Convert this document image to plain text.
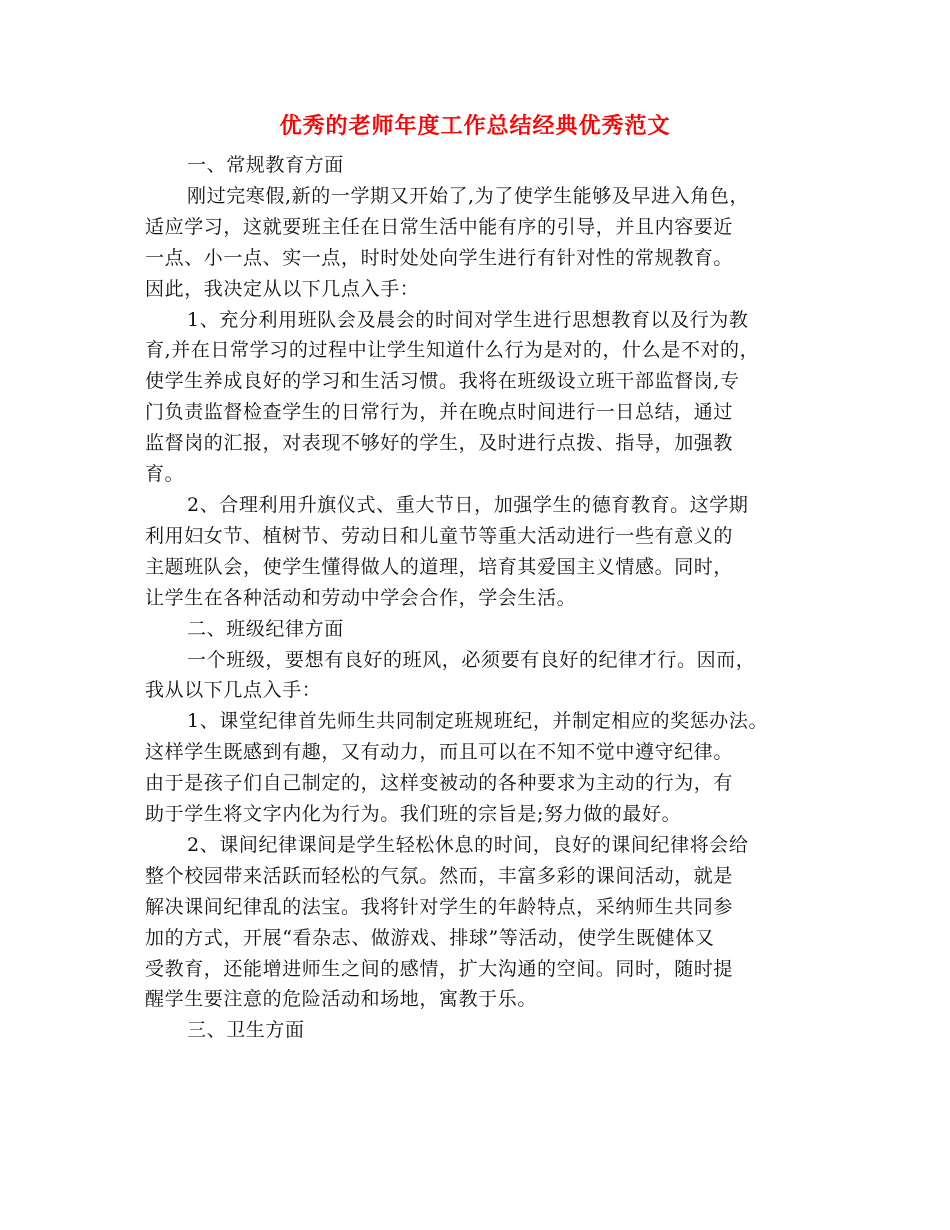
优秀的老师年度工作总结经典优秀范文

一、常规教育方面

刚过完寒假,新的一学期又开始了,为了使学生能够及早进入角色，

适应学习，这就要班主任在日常生活中能有序的引导，并且内容要近

一点、小一点、实一点，时时处处向学生进行有针对性的常规教育。

因此，我决定从以下几点入手：

1、充分利用班队会及晨会的时间对学生进行思想教育以及行为教

育,并在日常学习的过程中让学生知道什么行为是对的，什么是不对的，

使学生养成良好的学习和生活习惯。我将在班级设立班干部监督岗,专

门负责监督检查学生的日常行为，并在晚点时间进行一日总结，通过

监督岗的汇报，对表现不够好的学生，及时进行点拨、指导，加强教

育。

2、合理利用升旗仪式、重大节日，加强学生的德育教育。这学期

利用妇女节、植树节、劳动日和儿童节等重大活动进行一些有意义的

主题班队会，使学生懂得做人的道理，培育其爱国主义情感。同时，

让学生在各种活动和劳动中学会合作，学会生活。

二、班级纪律方面

一个班级，要想有良好的班风，必须要有良好的纪律才行。因而，

我从以下几点入手：

1、课堂纪律首先师生共同制定班规班纪，并制定相应的奖惩办法。

这样学生既感到有趣，又有动力，而且可以在不知不觉中遵守纪律。

由于是孩子们自己制定的，这样变被动的各种要求为主动的行为，有

助于学生将文字内化为行为。我们班的宗旨是;努力做的最好。

2、课间纪律课间是学生轻松休息的时间，良好的课间纪律将会给

整个校园带来活跃而轻松的气氛。然而，丰富多彩的课间活动，就是

解决课间纪律乱的法宝。我将针对学生的年龄特点，采纳师生共同参

加的方式，开展“看杂志、做游戏、排球”等活动，使学生既健体又

受教育，还能增进师生之间的感情，扩大沟通的空间。同时，随时提

醒学生要注意的危险活动和场地，寓教于乐。

三、卫生方面
